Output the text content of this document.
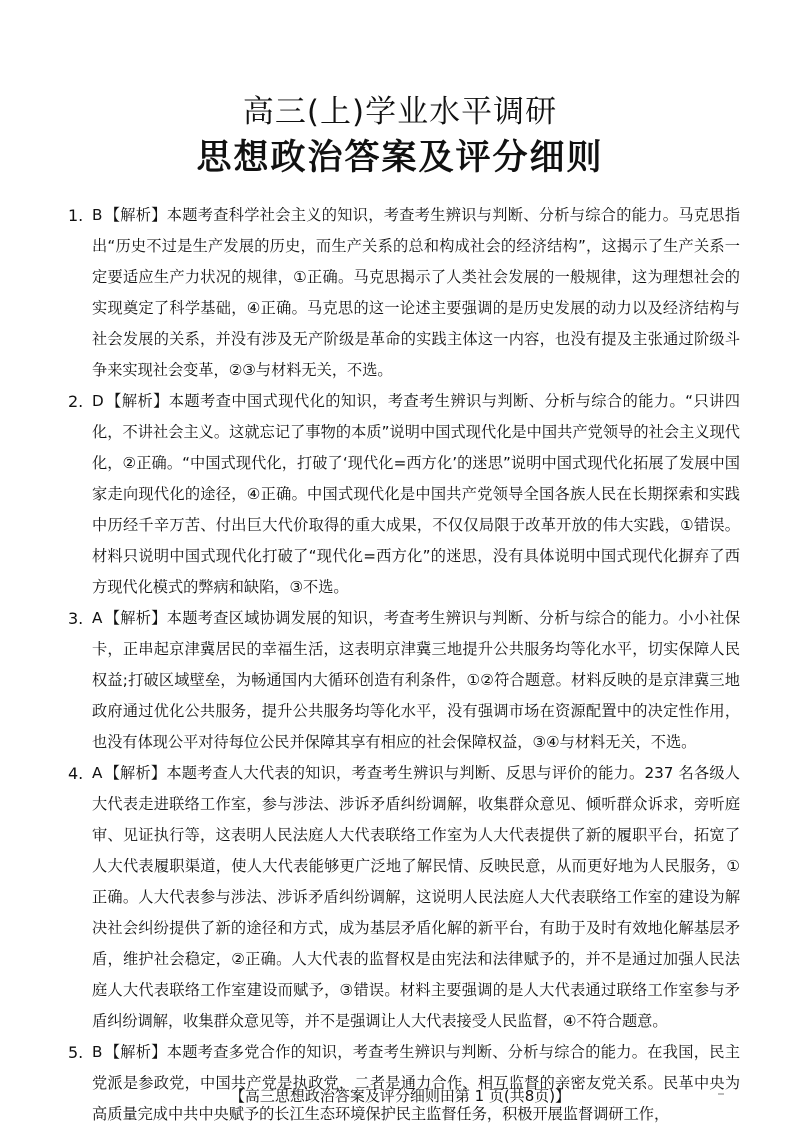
高三(上)学业水平调研
思想政治答案及评分细则
1. B 【解析】本题考查科学社会主义的知识，考查考生辨识与判断、分析与综合的能力。马克思指出“历史不过是生产发展的历史，而生产关系的总和构成社会的经济结构”，这揭示了生产关系一定要适应生产力状况的规律，①正确。马克思揭示了人类社会发展的一般规律，这为理想社会的实现奠定了科学基础，④正确。马克思的这一论述主要强调的是历史发展的动力以及经济结构与社会发展的关系，并没有涉及无产阶级是革命的实践主体这一内容，也没有提及主张通过阶级斗争来实现社会变革，②③与材料无关，不选。
2. D 【解析】本题考查中国式现代化的知识，考查考生辨识与判断、分析与综合的能力。“只讲四化，不讲社会主义。这就忘记了事物的本质”说明中国式现代化是中国共产党领导的社会主义现代化，②正确。“中国式现代化，打破了‘现代化=西方化’的迷思”说明中国式现代化拓展了发展中国家走向现代化的途径，④正确。中国式现代化是中国共产党领导全国各族人民在长期探索和实践中历经千辛万苦、付出巨大代价取得的重大成果，不仅仅局限于改革开放的伟大实践，①错误。材料只说明中国式现代化打破了“现代化=西方化”的迷思，没有具体说明中国式现代化摒弃了西方现代化模式的弊病和缺陷，③不选。
3. A 【解析】本题考查区域协调发展的知识，考查考生辨识与判断、分析与综合的能力。小小社保卡，正串起京津冀居民的幸福生活，这表明京津冀三地提升公共服务均等化水平，切实保障人民权益;打破区域壁垒，为畅通国内大循环创造有利条件，①②符合题意。材料反映的是京津冀三地政府通过优化公共服务，提升公共服务均等化水平，没有强调市场在资源配置中的决定性作用，也没有体现公平对待每位公民并保障其享有相应的社会保障权益，③④与材料无关，不选。
4. A 【解析】本题考查人大代表的知识，考查考生辨识与判断、反思与评价的能力。237 名各级人大代表走进联络工作室，参与涉法、涉诉矛盾纠纷调解，收集群众意见、倾听群众诉求，旁听庭审、见证执行等，这表明人民法庭人大代表联络工作室为人大代表提供了新的履职平台，拓宽了人大代表履职渠道，使人大代表能够更广泛地了解民情、反映民意，从而更好地为人民服务，①正确。人大代表参与涉法、涉诉矛盾纠纷调解，这说明人民法庭人大代表联络工作室的建设为解决社会纠纷提供了新的途径和方式，成为基层矛盾化解的新平台，有助于及时有效地化解基层矛盾，维护社会稳定，②正确。人大代表的监督权是由宪法和法律赋予的，并不是通过加强人民法庭人大代表联络工作室建设而赋予，③错误。材料主要强调的是人大代表通过联络工作室参与矛盾纠纷调解，收集群众意见等，并不是强调让人大代表接受人民监督，④不符合题意。
5. B 【解析】本题考查多党合作的知识，考查考生辨识与判断、分析与综合的能力。在我国，民主党派是参政党，中国共产党是执政党，二者是通力合作、相互监督的亲密友党关系。民革中央为高质量完成中共中央赋予的长江生态环境保护民主监督任务，积极开展监督调研工作，
【高三思想政治答案及评分细则田第 1 页(共8页)】
